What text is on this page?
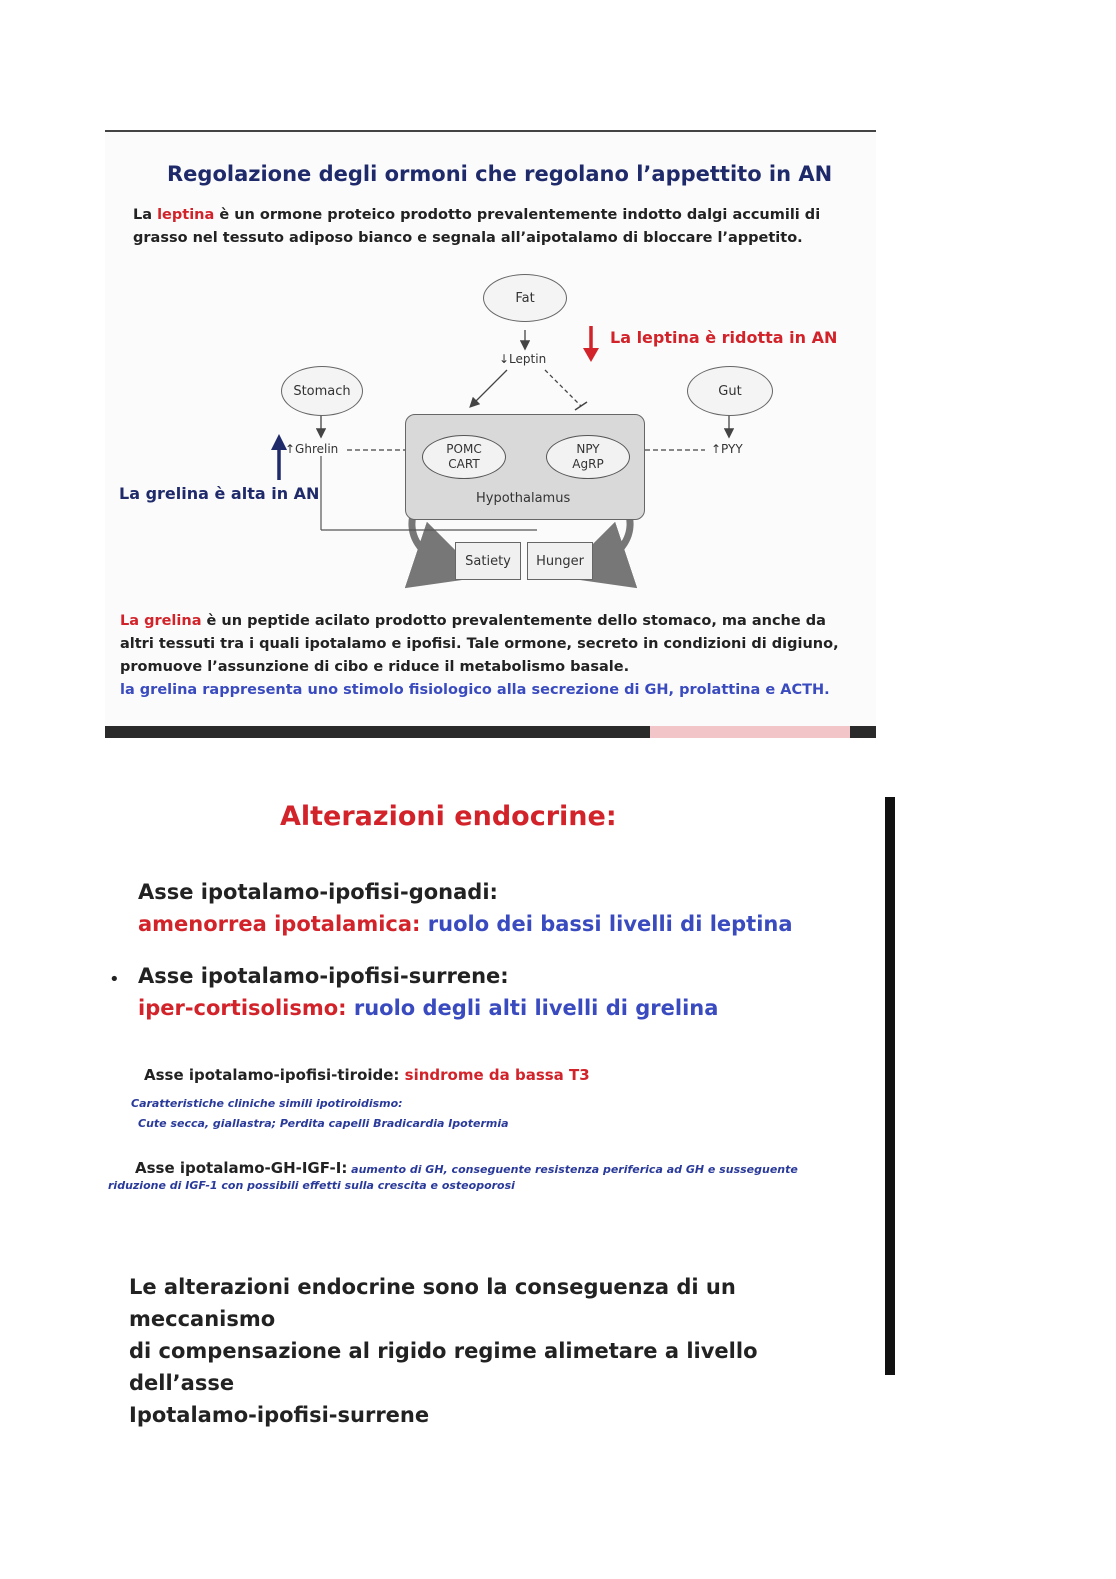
Regolazione degli ormoni che regolano l’appettito in AN
La leptina è un ormone proteico prodotto prevalentemente indotto dalgi accumili di grasso nel tessuto adiposo bianco e segnala all’aipotalamo di bloccare l’appetito.
Fat
↓Leptin
Stomach	Gut
↑Ghrelin	↑PYY
POMC
CART
NPY
AgRP
Hypothalamus
Satiety	Hunger
La leptina è ridotta in AN
La grelina è alta in AN
La grelina è un peptide acilato prodotto prevalentemente dello stomaco, ma anche da
altri tessuti tra i quali ipotalamo e ipofisi. Tale ormone, secreto in condizioni di digiuno,
promuove l’assunzione di cibo e riduce il metabolismo basale.
la grelina rappresenta uno stimolo fisiologico alla secrezione di GH, prolattina e ACTH.
Alterazioni endocrine:
Asse ipotalamo-ipofisi-gonadi:
amenorrea ipotalamica: ruolo dei bassi livelli di leptina
• Asse ipotalamo-ipofisi-surrene:
iper-cortisolismo: ruolo degli alti livelli di grelina
Asse ipotalamo-ipofisi-tiroide: sindrome da bassa T3
Caratteristiche cliniche simili ipotiroidismo:
Cute secca, giallastra; Perdita capelli Bradicardia Ipotermia
Asse ipotalamo-GH-IGF-I: aumento di GH, conseguente resistenza periferica ad GH e susseguente
riduzione di IGF-1 con possibili effetti sulla crescita e osteoporosi
Le alterazioni endocrine sono la conseguenza di un meccanismo
di compensazione al rigido regime alimetare a livello dell’asse
Ipotalamo-ipofisi-surrene
